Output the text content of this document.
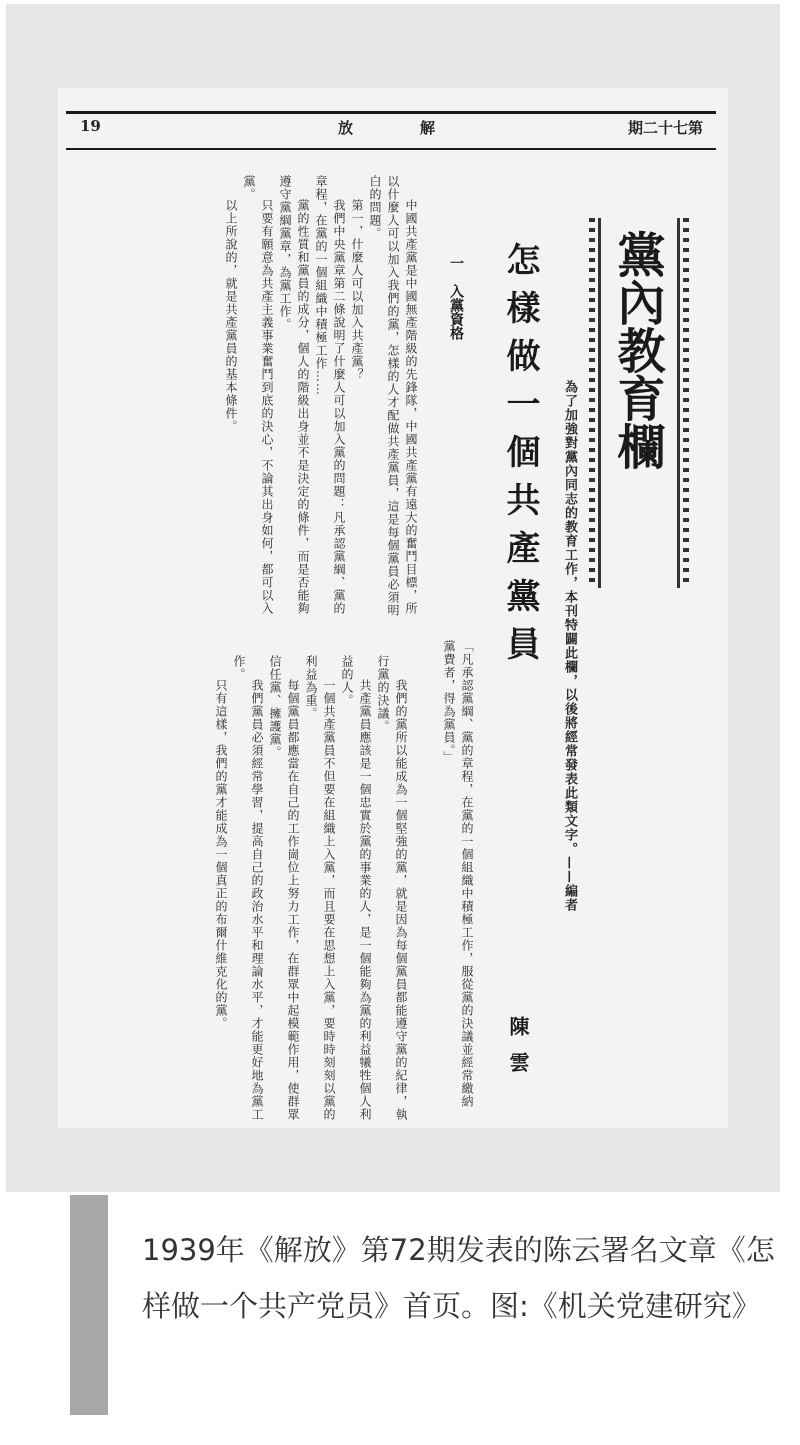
19	放	解	期二十七第
黨內教育欄
為了加強對黨內同志的教育工作，本刊特闢此欄，以後將經常發表此類文字。——編者
怎樣做一個共產黨員
陳雲
一　入黨資格

中國共產黨是中國無產階級的先鋒隊，中國共產黨有遠大的奮鬥目標，所以什麼人可以加入我們的黨，怎樣的人才配做共產黨員，這是每個黨員必須明白的問題。

第一，什麼人可以加入共產黨？

我們中央黨章第二條說明了什麼人可以加入黨的問題：凡承認黨綱、黨的章程，在黨的一個組織中積極工作……

黨的性質和黨員的成分，個人的階級出身並不是決定的條件，而是否能夠遵守黨綱黨章，為黨工作。

只要有願意為共產主義事業奮鬥到底的決心，不論其出身如何，都可以入黨。

以上所說的，就是共產黨員的基本條件。

「凡承認黨綱、黨的章程，在黨的一個組織中積極工作，服從黨的決議並經常繳納黨費者，得為黨員。」

我們的黨所以能成為一個堅強的黨，就是因為每個黨員都能遵守黨的紀律，執行黨的決議。

共產黨員應該是一個忠實於黨的事業的人，是一個能夠為黨的利益犧牲個人利益的人。

一個共產黨員不但要在組織上入黨，而且要在思想上入黨，要時時刻刻以黨的利益為重。

每個黨員都應當在自己的工作崗位上努力工作，在群眾中起模範作用，使群眾信任黨、擁護黨。

我們黨員必須經常學習，提高自己的政治水平和理論水平，才能更好地為黨工作。

只有這樣，我們的黨才能成為一個真正的布爾什維克化的黨。

1939年《解放》第72期发表的陈云署名文章《怎样做一个共产党员》首页。图:《机关党建研究》
